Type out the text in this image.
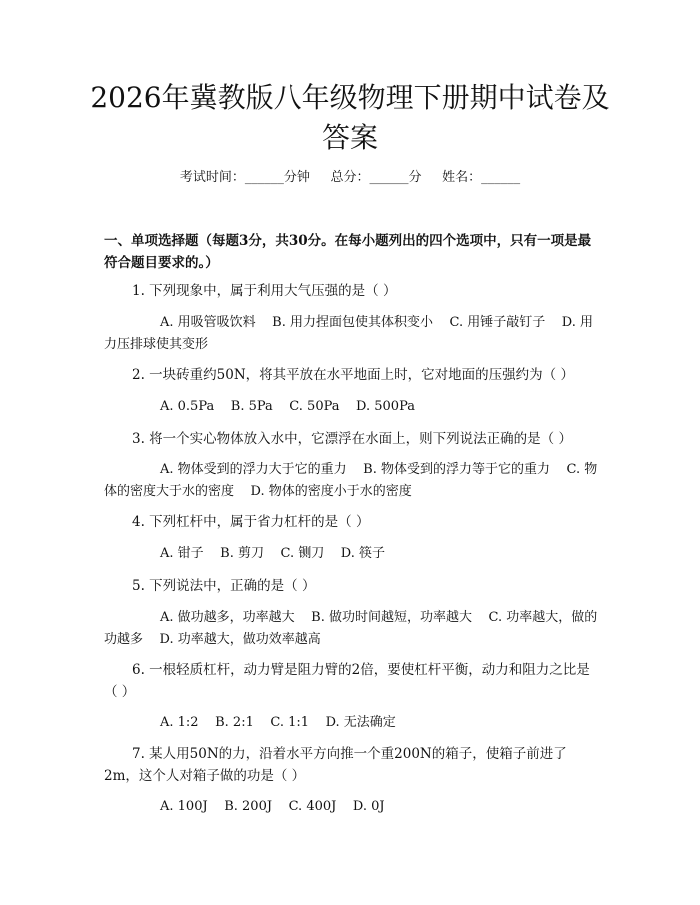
2026年冀教版八年级物理下册期中试卷及答案
考试时间：______分钟     总分：______分     姓名：______
一、单项选择题（每题3分，共30分。在每小题列出的四个选项中，只有一项是最符合题目要求的。）

1. 下列现象中，属于利用大气压强的是（ ）

A. 用吸管吸饮料    B. 用力捏面包使其体积变小    C. 用锤子敲钉子    D. 用力压排球使其变形

2. 一块砖重约50N，将其平放在水平地面上时，它对地面的压强约为（ ）

A. 0.5Pa    B. 5Pa    C. 50Pa    D. 500Pa

3. 将一个实心物体放入水中，它漂浮在水面上，则下列说法正确的是（ ）

A. 物体受到的浮力大于它的重力    B. 物体受到的浮力等于它的重力    C. 物体的密度大于水的密度    D. 物体的密度小于水的密度

4. 下列杠杆中，属于省力杠杆的是（ ）

A. 钳子    B. 剪刀    C. 铡刀    D. 筷子

5. 下列说法中，正确的是（ ）

A. 做功越多，功率越大    B. 做功时间越短，功率越大    C. 功率越大，做的功越多    D. 功率越大，做功效率越高

6. 一根轻质杠杆，动力臂是阻力臂的2倍，要使杠杆平衡，动力和阻力之比是（ ）

A. 1:2    B. 2:1    C. 1:1    D. 无法确定

7. 某人用50N的力，沿着水平方向推一个重200N的箱子，使箱子前进了2m，这个人对箱子做的功是（ ）

A. 100J    B. 200J    C. 400J    D. 0J
